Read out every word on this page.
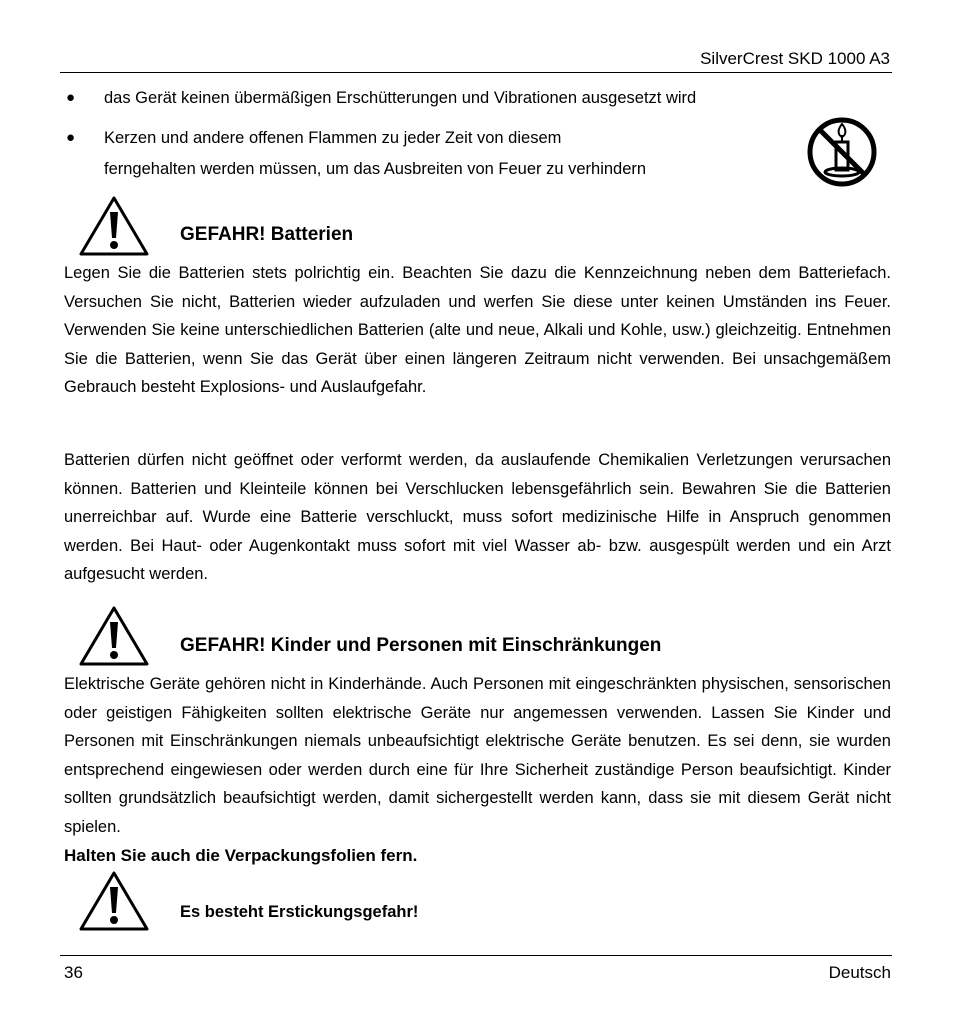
SilverCrest SKD 1000 A3
● das Gerät keinen übermäßigen Erschütterungen und Vibrationen ausgesetzt wird
● Kerzen und andere offenen Flammen zu jeder Zeit von diesem
ferngehalten werden müssen, um das Ausbreiten von Feuer zu verhindern
GEFAHR! Batterien
Legen Sie die Batterien stets polrichtig ein. Beachten Sie dazu die Kennzeichnung neben dem Batteriefach. Versuchen Sie nicht, Batterien wieder aufzuladen und werfen Sie diese unter keinen Umständen ins Feuer. Verwenden Sie keine unterschiedlichen Batterien (alte und neue, Alkali und Kohle, usw.) gleichzeitig. Entnehmen Sie die Batterien, wenn Sie das Gerät über einen längeren Zeitraum nicht verwenden. Bei unsachgemäßem Gebrauch besteht Explosions- und Auslaufgefahr.
Batterien dürfen nicht geöffnet oder verformt werden, da auslaufende Chemikalien Verletzungen verursachen können. Batterien und Kleinteile können bei Verschlucken lebensgefährlich sein. Bewahren Sie die Batterien unerreichbar auf. Wurde eine Batterie verschluckt, muss sofort medizinische Hilfe in Anspruch genommen werden. Bei Haut- oder Augenkontakt muss sofort mit viel Wasser ab- bzw. ausgespült werden und ein Arzt aufgesucht werden.
GEFAHR! Kinder und Personen mit Einschränkungen
Elektrische Geräte gehören nicht in Kinderhände. Auch Personen mit eingeschränkten physischen, sensorischen oder geistigen Fähigkeiten sollten elektrische Geräte nur angemessen verwenden. Lassen Sie Kinder und Personen mit Einschränkungen niemals unbeaufsichtigt elektrische Geräte benutzen. Es sei denn, sie wurden entsprechend eingewiesen oder werden durch eine für Ihre Sicherheit zuständige Person beaufsichtigt. Kinder sollten grundsätzlich beaufsichtigt werden, damit sichergestellt werden kann, dass sie mit diesem Gerät nicht spielen.
Halten Sie auch die Verpackungsfolien fern.
Es besteht Erstickungsgefahr!
36	Deutsch
